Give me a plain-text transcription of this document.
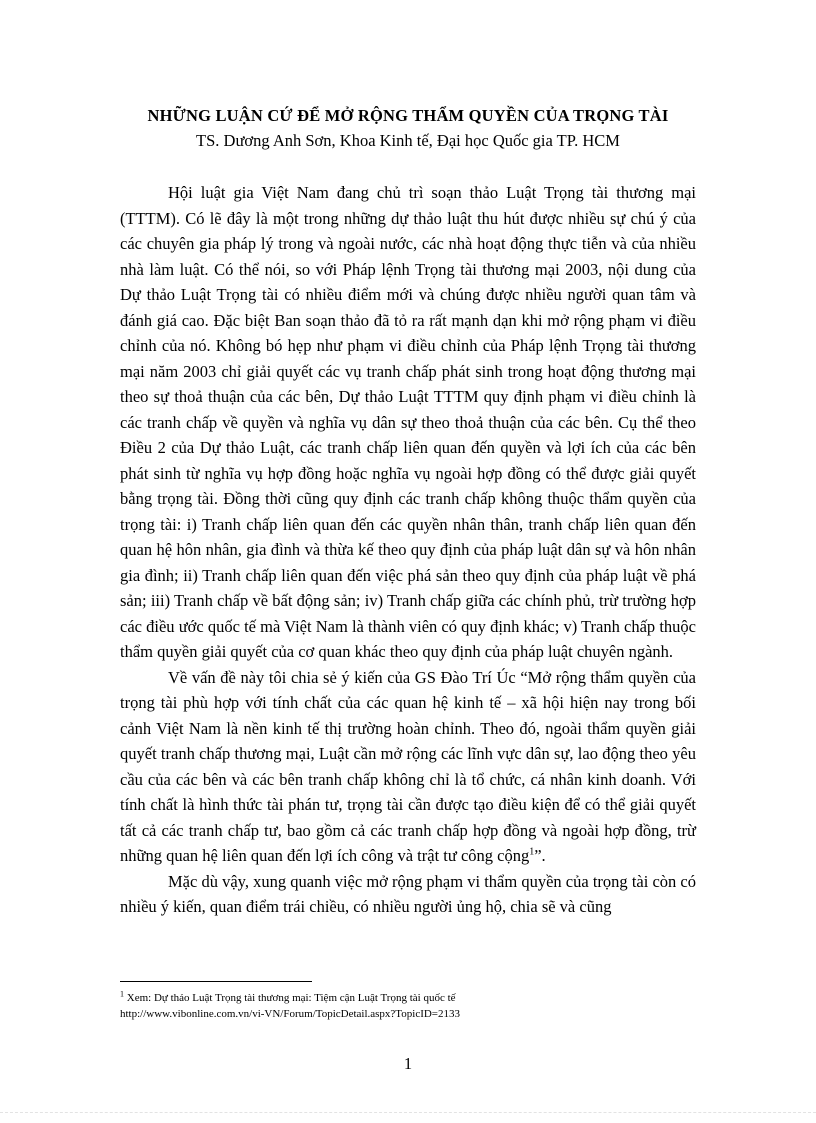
NHỮNG LUẬN CỨ ĐỂ MỞ RỘNG THẨM QUYỀN CỦA TRỌNG TÀI
TS. Dương Anh Sơn, Khoa Kinh tế, Đại học Quốc gia TP. HCM

Hội luật gia Việt Nam đang chủ trì soạn thảo Luật Trọng tài thương mại (TTTM). Có lẽ đây là một trong những dự thảo luật thu hút được nhiều sự chú ý của các chuyên gia pháp lý trong và ngoài nước, các nhà hoạt động thực tiễn và của nhiều nhà làm luật. Có thể nói, so với Pháp lệnh Trọng tài thương mại 2003, nội dung của Dự thảo Luật Trọng tài có nhiều điểm mới và chúng được nhiều người quan tâm và đánh giá cao. Đặc biệt Ban soạn thảo đã tỏ ra rất mạnh dạn khi mở rộng phạm vi điều chỉnh của nó. Không bó hẹp như phạm vi điều chỉnh của Pháp lệnh Trọng tài thương mại năm 2003 chỉ giải quyết các vụ tranh chấp phát sinh trong hoạt động thương mại theo sự thoả thuận của các bên, Dự thảo Luật TTTM quy định phạm vi điều chỉnh là các tranh chấp về quyền và nghĩa vụ dân sự theo thoả thuận của các bên. Cụ thể theo Điều 2 của Dự thảo Luật, các tranh chấp liên quan đến quyền và lợi ích của các bên phát sinh từ nghĩa vụ hợp đồng hoặc nghĩa vụ ngoài hợp đồng có thể được giải quyết bằng trọng tài. Đồng thời cũng quy định các tranh chấp không thuộc thẩm quyền của trọng tài: i) Tranh chấp liên quan đến các quyền nhân thân, tranh chấp liên quan đến quan hệ hôn nhân, gia đình và thừa kế theo quy định của pháp luật dân sự và hôn nhân gia đình; ii) Tranh chấp liên quan đến việc phá sản theo quy định của pháp luật về phá sản; iii) Tranh chấp về bất động sản; iv) Tranh chấp giữa các chính phủ, trừ trường hợp các điều ước quốc tế mà Việt Nam là thành viên có quy định khác; v) Tranh chấp thuộc thẩm quyền giải quyết của cơ quan khác theo quy định của pháp luật chuyên ngành.

Về vấn đề này tôi chia sẻ ý kiến của GS Đào Trí Úc “Mở rộng thẩm quyền của trọng tài phù hợp với tính chất của các quan hệ kinh tế – xã hội hiện nay trong bối cảnh Việt Nam là nền kinh tế thị trường hoàn chỉnh. Theo đó, ngoài thẩm quyền giải quyết tranh chấp thương mại, Luật cần mở rộng các lĩnh vực dân sự, lao động theo yêu cầu của các bên và các bên tranh chấp không chỉ là tổ chức, cá nhân kinh doanh. Với tính chất là hình thức tài phán tư, trọng tài cần được tạo điều kiện để có thể giải quyết tất cả các tranh chấp tư, bao gồm cả các tranh chấp hợp đồng và ngoài hợp đồng, trừ những quan hệ liên quan đến lợi ích công và trật tư công cộng$^1$”.

Mặc dù vậy, xung quanh việc mở rộng phạm vi thẩm quyền của trọng tài còn có nhiều ý kiến, quan điểm trái chiều, có nhiều người ủng hộ, chia sẽ và cũng

$^1$ Xem: Dự thảo Luật Trọng tài thương mại: Tiệm cận Luật Trọng tài quốc tế
http://www.vibonline.com.vn/vi-VN/Forum/TopicDetail.aspx?TopicID=2133
1
